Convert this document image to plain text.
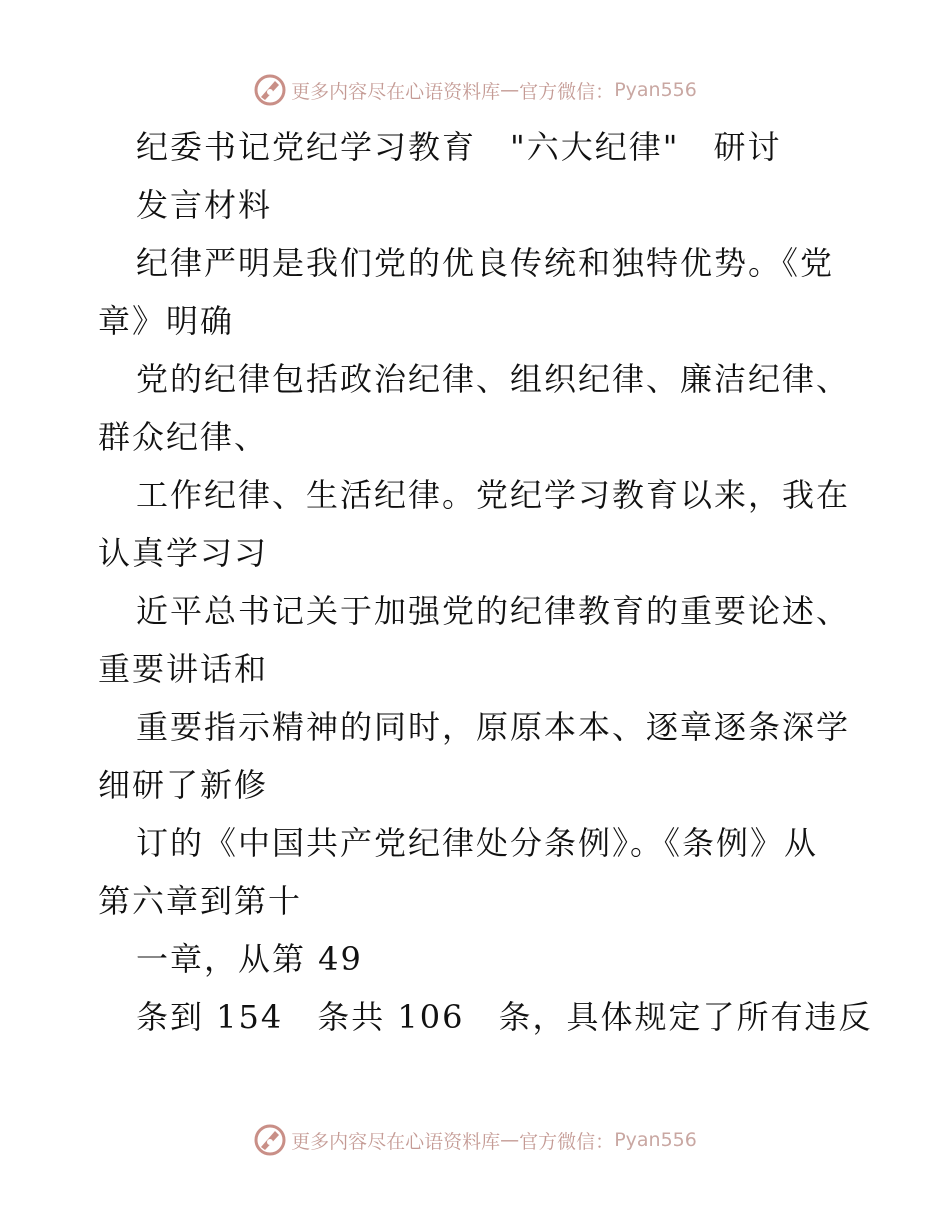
更多内容尽在心语资料库 — 官方微信： Pyan556
纪委书记党纪学习教育　"六大纪律"　研讨
发言材料
纪律严明是我们党的优良传统和独特优势。《党
章》明确
党的纪律包括政治纪律、组织纪律、廉洁纪律、
群众纪律、
工作纪律、生活纪律。党纪学习教育以来，我在
认真学习习
近平总书记关于加强党的纪律教育的重要论述、
重要讲话和
重要指示精神的同时，原原本本、逐章逐条深学
细研了新修
订的《中国共产党纪律处分条例》。《条例》从
第六章到第十
一章，从第 49
条到 154　条共 106　条，具体规定了所有违反
更多内容尽在心语资料库 — 官方微信： Pyan556
